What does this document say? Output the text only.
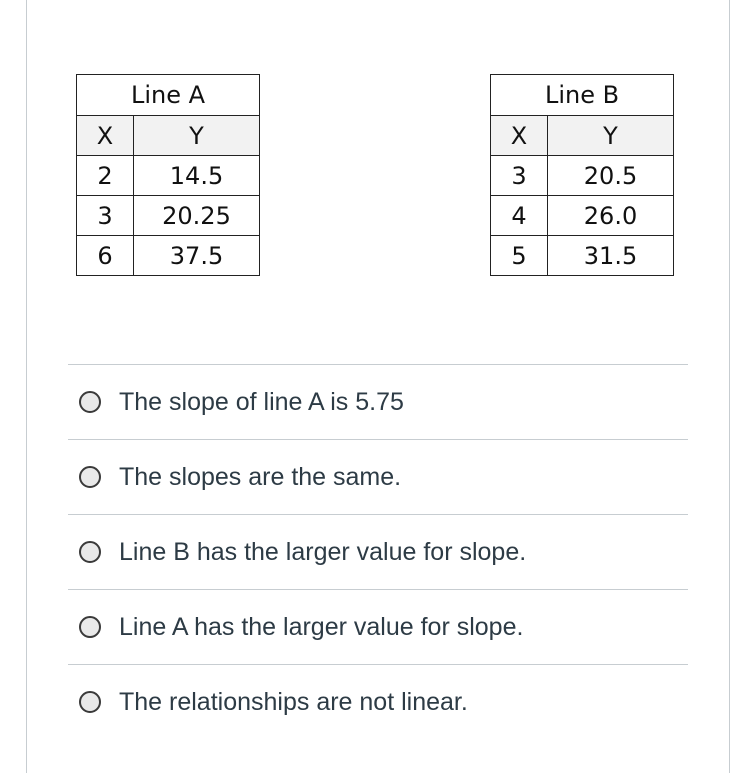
Line A	
X	Y
2	14.5
3	20.25
6	37.5
Line B	
X	Y
3	20.5
4	26.0
5	31.5
The slope of line A is 5.75
The slopes are the same.
Line B has the larger value for slope.
Line A has the larger value for slope.
The relationships are not linear.
